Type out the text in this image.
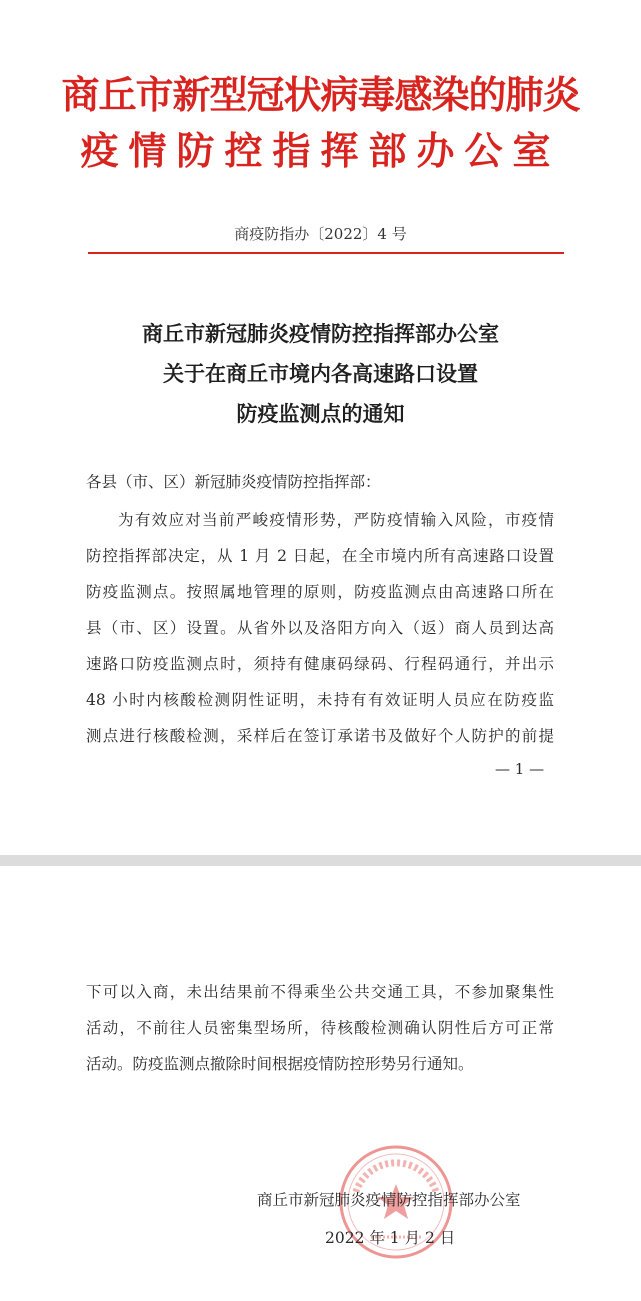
商丘市新型冠状病毒感染的肺炎
疫情防控指挥部办公室
商疫防指办〔2022〕4 号
商丘市新冠肺炎疫情防控指挥部办公室
关于在商丘市境内各高速路口设置
防疫监测点的通知
各县（市、区）新冠肺炎疫情防控指挥部：
为有效应对当前严峻疫情形势，严防疫情输入风险，市疫情
防控指挥部决定，从 1 月 2 日起，在全市境内所有高速路口设置
防疫监测点。按照属地管理的原则，防疫监测点由高速路口所在
县（市、区）设置。从省外以及洛阳方向入（返）商人员到达高
速路口防疫监测点时，须持有健康码绿码、行程码通行，并出示
48 小时内核酸检测阴性证明，未持有有效证明人员应在防疫监
测点进行核酸检测，采样后在签订承诺书及做好个人防护的前提
— 1 —
下可以入商，未出结果前不得乘坐公共交通工具，不参加聚集性
活动，不前往人员密集型场所，待核酸检测确认阴性后方可正常
活动。防疫监测点撤除时间根据疫情防控形势另行通知。
商丘市新冠肺炎疫情防控指挥部办公室
2022 年 1 月 2 日
